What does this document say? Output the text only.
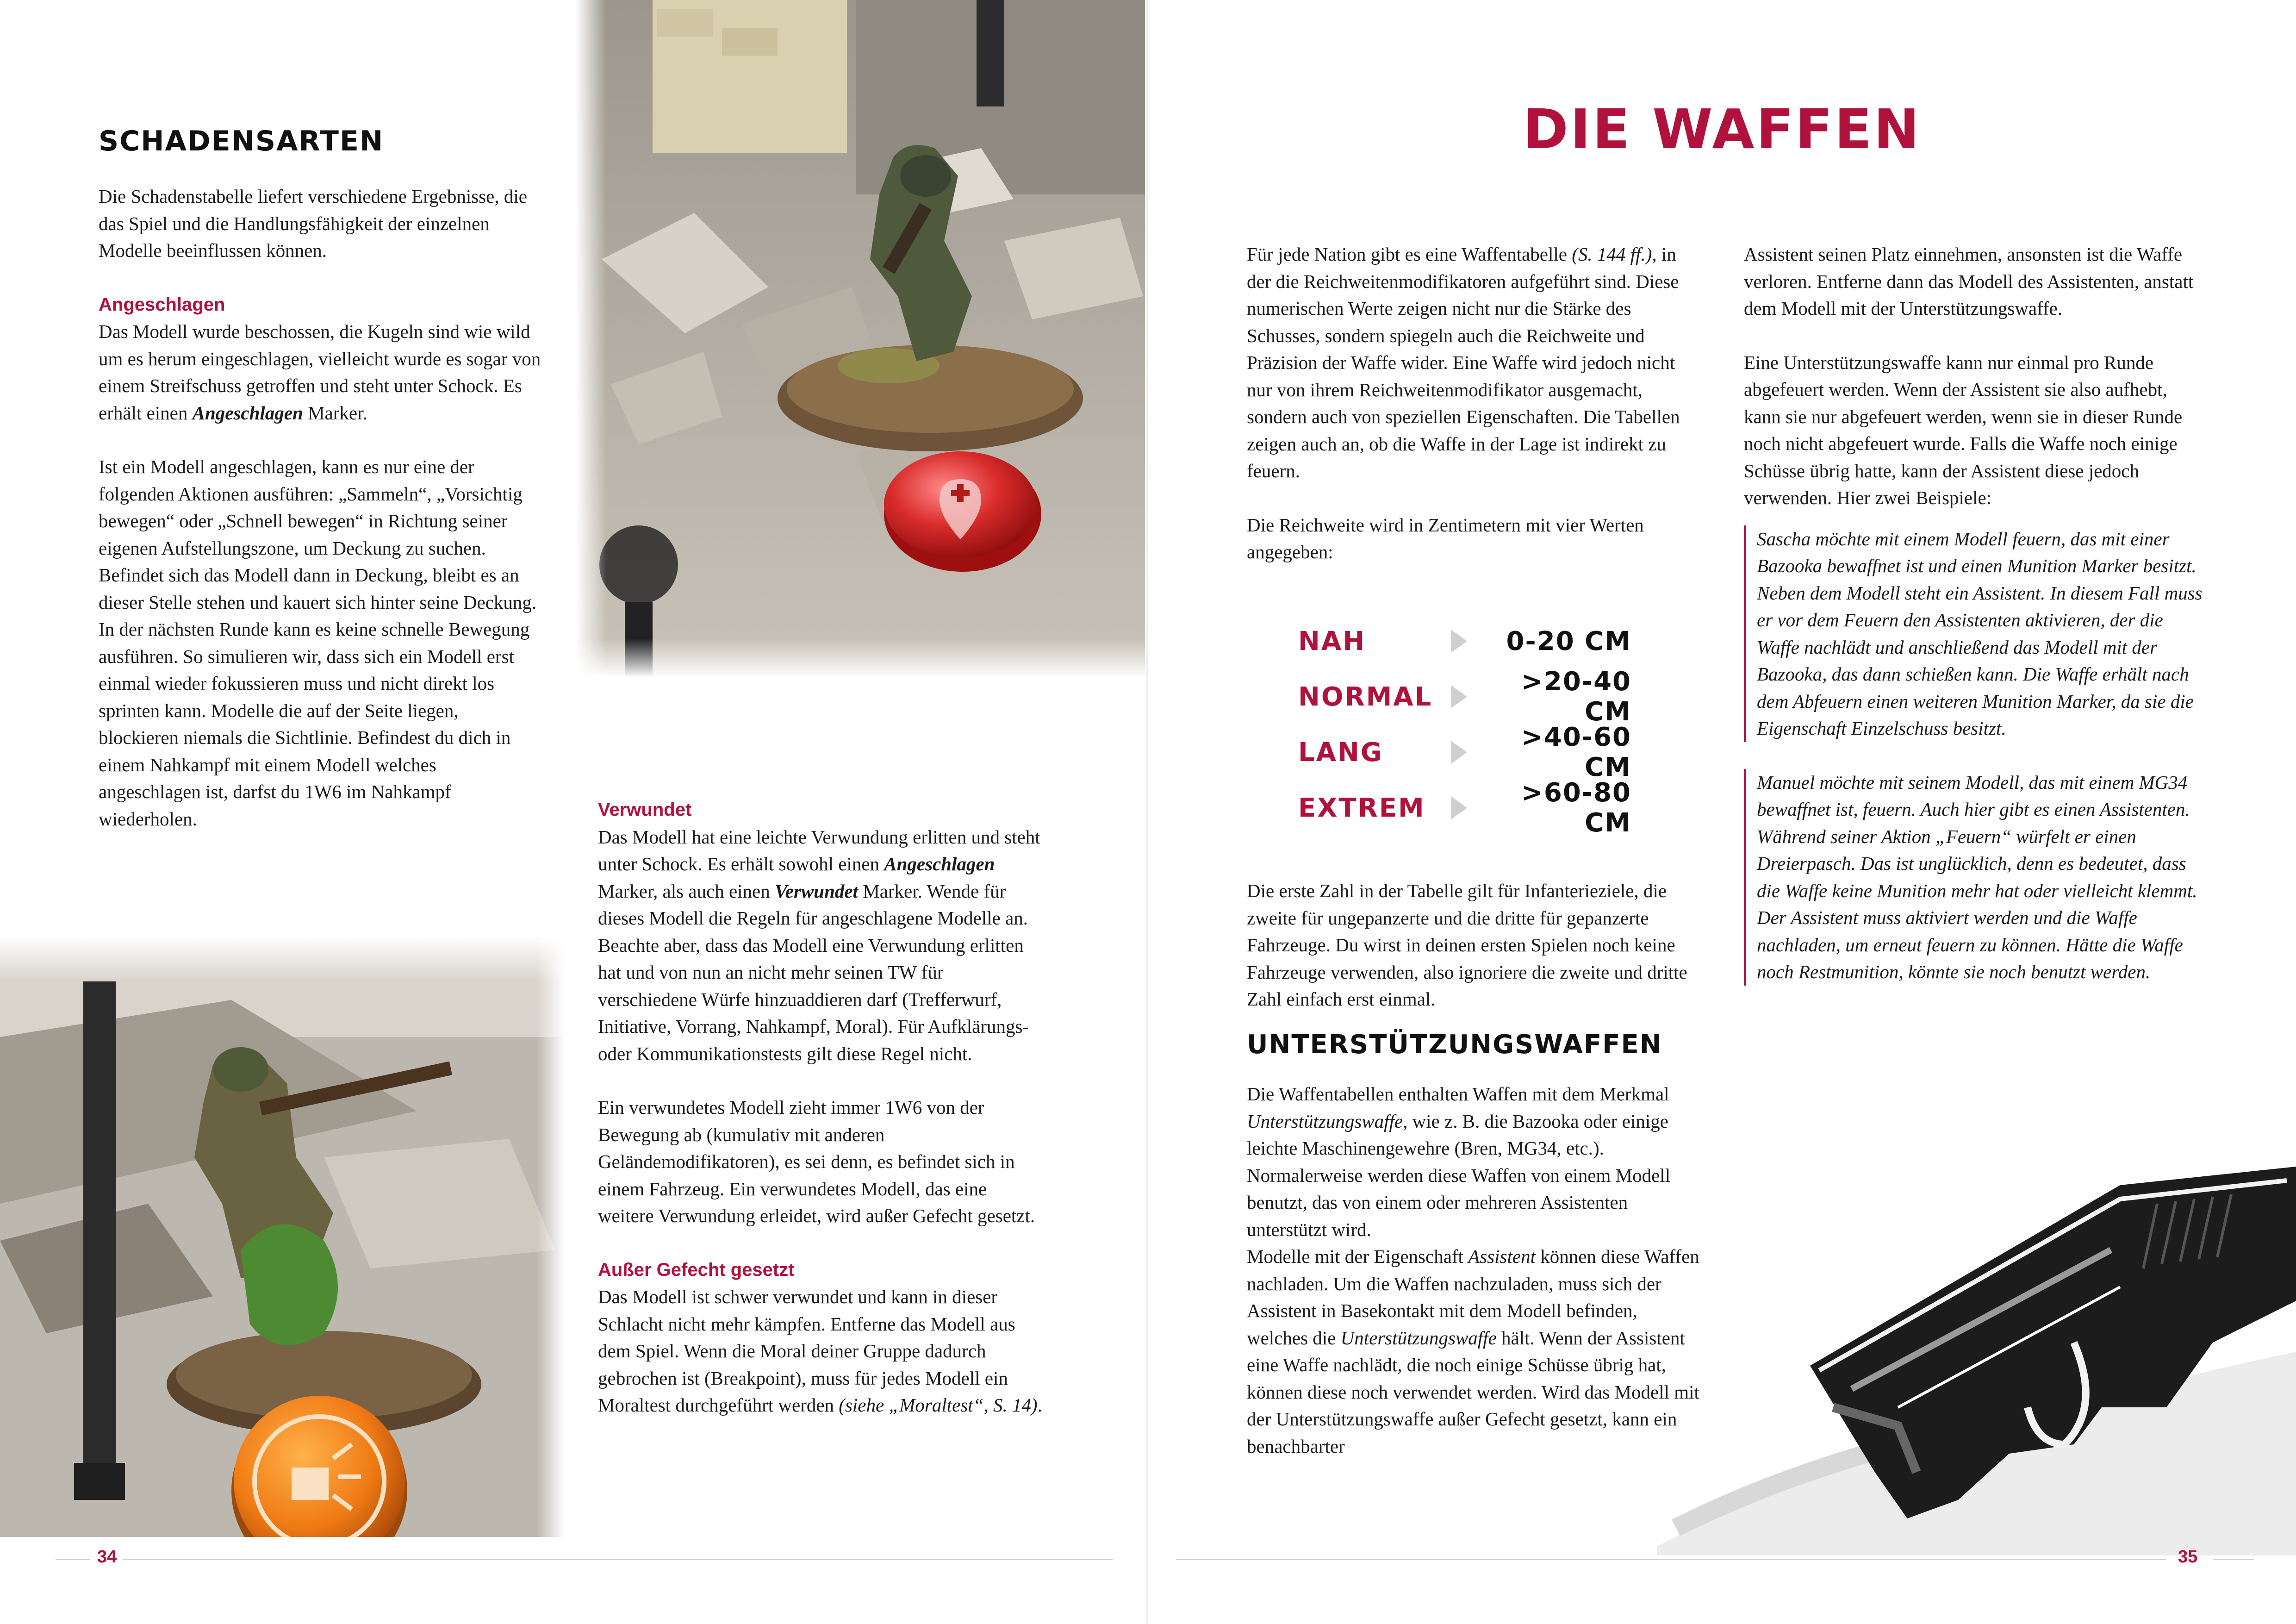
SCHADENSARTEN

Die Schadenstabelle liefert verschiedene Ergebnisse, die das Spiel und die Handlungsfähigkeit der einzelnen Modelle beeinflussen können.

Angeschlagen

Das Modell wurde beschossen, die Kugeln sind wie wild um es herum eingeschlagen, vielleicht wurde es sogar von einem Streifschuss getroffen und steht unter Schock. Es erhält einen Angeschlagen Marker.

Ist ein Modell angeschlagen, kann es nur eine der folgenden Aktionen ausführen: „Sammeln“, „Vorsichtig bewegen“ oder „Schnell bewegen“ in Richtung seiner eigenen Aufstellungszone, um Deckung zu suchen. Befindet sich das Modell dann in Deckung, bleibt es an dieser Stelle stehen und kauert sich hinter seine Deckung.

In der nächsten Runde kann es keine schnelle Bewegung ausführen. So simulieren wir, dass sich ein Modell erst einmal wieder fokussieren muss und nicht direkt los sprinten kann. Modelle die auf der Seite liegen, blockieren niemals die Sichtlinie. Befindest du dich in einem Nahkampf mit einem Modell welches angeschlagen ist, darfst du 1W6 im Nahkampf wiederholen.	Verwundet

Das Modell hat eine leichte Verwundung erlitten und steht unter Schock. Es erhält sowohl einen Angeschlagen Marker, als auch einen Verwundet Marker. Wende für dieses Modell die Regeln für angeschlagene Modelle an. Beachte aber, dass das Modell eine Verwundung erlitten hat und von nun an nicht mehr seinen TW für verschiedene Würfe hinzuaddieren darf (Trefferwurf, Initiative, Vorrang, Nahkampf, Moral). Für Aufklärungs- oder Kommunikationstests gilt diese Regel nicht.

Ein verwundetes Modell zieht immer 1W6 von der Bewegung ab (kumulativ mit anderen Geländemodifikatoren), es sei denn, es befindet sich in einem Fahrzeug. Ein verwundetes Modell, das eine weitere Verwundung erleidet, wird außer Gefecht gesetzt.

Außer Gefecht gesetzt

Das Modell ist schwer verwundet und kann in dieser Schlacht nicht mehr kämpfen. Entferne das Modell aus dem Spiel. Wenn die Moral deiner Gruppe dadurch gebrochen ist (Breakpoint), muss für jedes Modell ein Moraltest durchgeführt werden (siehe „Moraltest“, S. 14).

34
DIE WAFFEN

Für jede Nation gibt es eine Waffentabelle (S. 144 ff.), in der die Reichweitenmodifikatoren aufgeführt sind. Diese numerischen Werte zeigen nicht nur die Stärke des Schusses, sondern spiegeln auch die Reichweite und Präzision der Waffe wider. Eine Waffe wird jedoch nicht nur von ihrem Reichweitenmodifikator ausgemacht, sondern auch von speziellen Eigenschaften. Die Tabellen zeigen auch an, ob die Waffe in der Lage ist indirekt zu feuern.

Die Reichweite wird in Zentimetern mit vier Werten angegeben:

NAH	0-20 CM
NORMAL	>20-40 CM
LANG	>40-60 CM
EXTREM	>60-80 CM

Die erste Zahl in der Tabelle gilt für Infanterieziele, die zweite für ungepanzerte und die dritte für gepanzerte Fahrzeuge. Du wirst in deinen ersten Spielen noch keine Fahrzeuge verwenden, also ignoriere die zweite und dritte Zahl einfach erst einmal.

UNTERSTÜTZUNGSWAFFEN

Die Waffentabellen enthalten Waffen mit dem Merkmal Unterstützungswaffe, wie z. B. die Bazooka oder einige leichte Maschinengewehre (Bren, MG34, etc.). Normalerweise werden diese Waffen von einem Modell benutzt, das von einem oder mehreren Assistenten unterstützt wird.

Modelle mit der Eigenschaft Assistent können diese Waffen nachladen. Um die Waffen nachzuladen, muss sich der Assistent in Basekontakt mit dem Modell befinden, welches die Unterstützungswaffe hält. Wenn der Assistent eine Waffe nachlädt, die noch einige Schüsse übrig hat, können diese noch verwendet werden. Wird das Modell mit der Unterstützungswaffe außer Gefecht gesetzt, kann ein benachbarter

Assistent seinen Platz einnehmen, ansonsten ist die Waffe verloren. Entferne dann das Modell des Assistenten, anstatt dem Modell mit der Unterstützungswaffe.

Eine Unterstützungswaffe kann nur einmal pro Runde abgefeuert werden. Wenn der Assistent sie also aufhebt, kann sie nur abgefeuert werden, wenn sie in dieser Runde noch nicht abgefeuert wurde. Falls die Waffe noch einige Schüsse übrig hatte, kann der Assistent diese jedoch verwenden. Hier zwei Beispiele:

Sascha möchte mit einem Modell feuern, das mit einer Bazooka bewaffnet ist und einen Munition Marker besitzt. Neben dem Modell steht ein Assistent. In diesem Fall muss er vor dem Feuern den Assistenten aktivieren, der die Waffe nachlädt und anschließend das Modell mit der Bazooka, das dann schießen kann. Die Waffe erhält nach dem Abfeuern einen weiteren Munition Marker, da sie die Eigenschaft Einzelschuss besitzt.

Manuel möchte mit seinem Modell, das mit einem MG34 bewaffnet ist, feuern. Auch hier gibt es einen Assistenten. Während seiner Aktion „Feuern“ würfelt er einen Dreierpasch. Das ist unglücklich, denn es bedeutet, dass die Waffe keine Munition mehr hat oder vielleicht klemmt. Der Assistent muss aktiviert werden und die Waffe nachladen, um erneut feuern zu können. Hätte die Waffe noch Restmunition, könnte sie noch benutzt werden.

35
